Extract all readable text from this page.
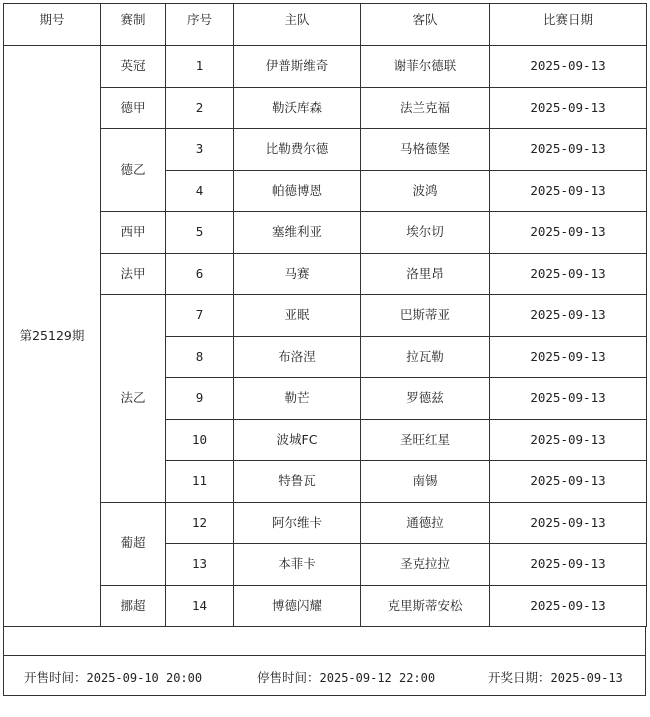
期号	赛制	序号	主队	客队	比赛日期
第25129期	英冠	1	伊普斯维奇	谢菲尔德联	2025-09-13
	德甲	2	勒沃库森	法兰克福	2025-09-13
	德乙	3	比勒费尔德	马格德堡	2025-09-13
		4	帕德博恩	波鸿	2025-09-13
	西甲	5	塞维利亚	埃尔切	2025-09-13
	法甲	6	马赛	洛里昂	2025-09-13
	法乙	7	亚眠	巴斯蒂亚	2025-09-13
		8	布洛涅	拉瓦勒	2025-09-13
		9	勒芒	罗德兹	2025-09-13
		10	波城FC	圣旺红星	2025-09-13
		11	特鲁瓦	南锡	2025-09-13
	葡超	12	阿尔维卡	通德拉	2025-09-13
		13	本菲卡	圣克拉拉	2025-09-13
	挪超	14	博德闪耀	克里斯蒂安松	2025-09-13
开售时间：2025-09-10 20:00	停售时间：2025-09-12 22:00	开奖日期：2025-09-13
